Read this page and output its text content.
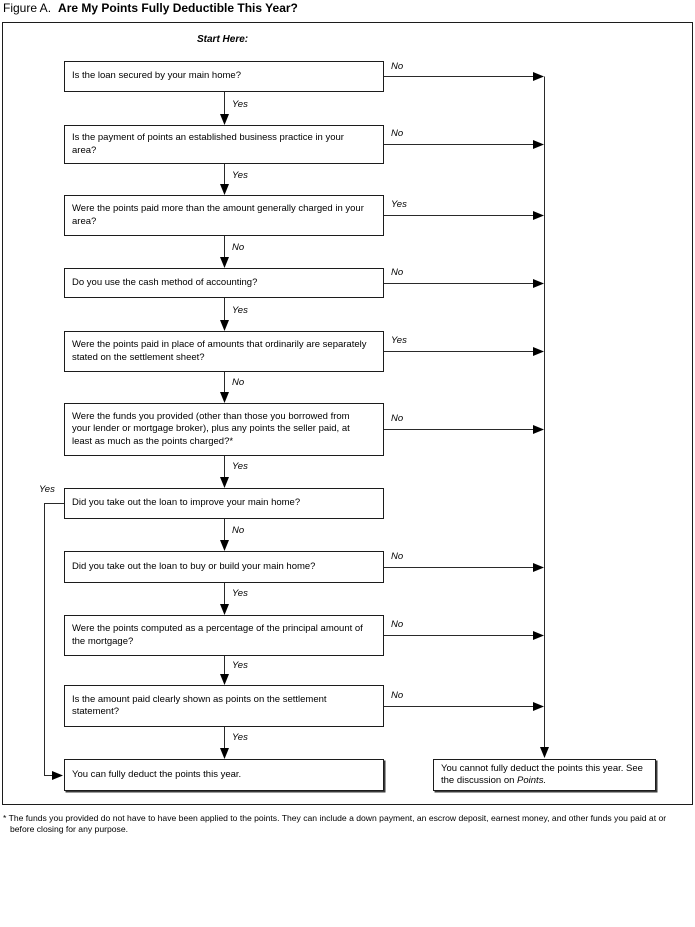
Figure A. Are My Points Fully Deductible This Year?
Start Here:
Is the loan secured by your main home?
Is the payment of points an established business practice in your area?
Were the points paid more than the amount generally charged in your area?
Do you use the cash method of accounting?
Were the points paid in place of amounts that ordinarily are separately stated on the settlement sheet?
Were the funds you provided (other than those you borrowed from your lender or mortgage broker), plus any points the seller paid, at least as much as the points charged?*
Did you take out the loan to improve your main home?
Did you take out the loan to buy or build your main home?
Were the points computed as a percentage of the principal amount of the mortgage?
Is the amount paid clearly shown as points on the settlement statement?
Yes
Yes
No
Yes
No
Yes
No
Yes
Yes
Yes
No
No
Yes
No
Yes
No
Yes
No
No
No
You can fully deduct the points this year.
You cannot fully deduct the points this year. See the discussion on Points.
* The funds you provided do not have to have been applied to the points. They can include a down payment, an escrow deposit, earnest money, and other funds you paid at or before closing for any purpose.
